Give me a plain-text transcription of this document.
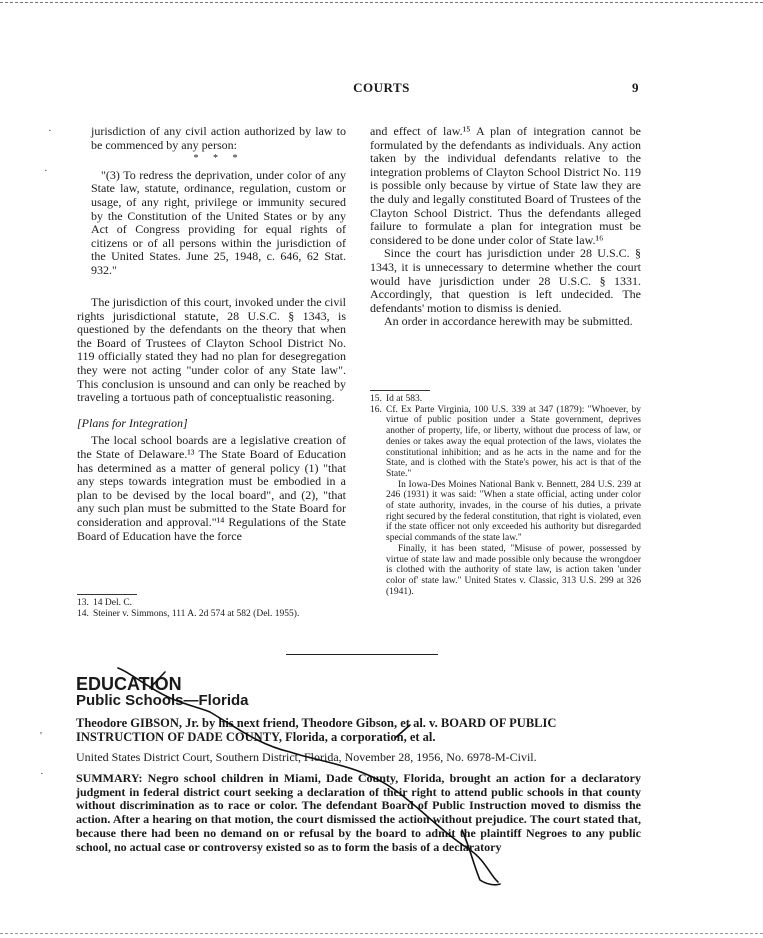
COURTS	9
·
·

jurisdiction of any civil action authorized by law to be commenced by any person:

* * *

"(3) To redress the deprivation, under color of any State law, statute, ordinance, regulation, custom or usage, of any right, privilege or immunity secured by the Constitution of the United States or by any Act of Congress providing for equal rights of citizens or of all persons within the jurisdiction of the United States. June 25, 1948, c. 646, 62 Stat. 932."

The jurisdiction of this court, invoked under the civil rights jurisdictional statute, 28 U.S.C. § 1343, is questioned by the defendants on the theory that when the Board of Trustees of Clayton School District No. 119 officially stated they had no plan for desegregation they were not acting "under color of any State law". This conclusion is unsound and can only be reached by traveling a tortuous path of conceptualistic reasoning.

[Plans for Integration]

The local school boards are a legislative creation of the State of Delaware.¹³ The State Board of Education has determined as a matter of general policy (1) "that any steps towards integration must be embodied in a plan to be devised by the local board", and (2), "that any such plan must be submitted to the State Board for consideration and approval."¹⁴ Regulations of the State Board of Education have the force

13. 14 Del. C.
14. Steiner v. Simmons, 111 A. 2d 574 at 582 (Del. 1955).

and effect of law.¹⁵ A plan of integration cannot be formulated by the defendants as individuals. Any action taken by the individual defendants relative to the integration problems of Clayton School District No. 119 is possible only because by virtue of State law they are the duly and legally constituted Board of Trustees of the Clayton School District. Thus the defendants alleged failure to formulate a plan for integration must be considered to be done under color of State law.¹⁶

Since the court has jurisdiction under 28 U.S.C. § 1343, it is unnecessary to determine whether the court would have jurisdiction under 28 U.S.C. § 1331. Accordingly, that question is left undecided. The defendants' motion to dismiss is denied.

An order in accordance herewith may be submitted.

15. Id at 583.
16. Cf. Ex Parte Virginia, 100 U.S. 339 at 347 (1879): "Whoever, by virtue of public position under a State government, deprives another of property, life, or liberty, without due process of law, or denies or takes away the equal protection of the laws, violates the constitutional inhibition; and as he acts in the name and for the State, and is clothed with the State's power, his act is that of the State."
In Iowa-Des Moines National Bank v. Bennett, 284 U.S. 239 at 246 (1931) it was said: "When a state official, acting under color of state authority, invades, in the course of his duties, a private right secured by the federal constitution, that right is violated, even if the state officer not only exceeded his authority but disregarded special commands of the state law."
Finally, it has been stated, "Misuse of power, possessed by virtue of state law and made possible only because the wrongdoer is clothed with the authority of state law, is action taken 'under color of' state law." United States v. Classic, 313 U.S. 299 at 326 (1941).
EDUCATION
Public Schools—Florida
'
·
Theodore GIBSON, Jr. by his next friend, Theodore Gibson, et al. v. BOARD OF PUBLIC INSTRUCTION OF DADE COUNTY, Florida, a corporation, et al.
United States District Court, Southern District, Florida, November 28, 1956, No. 6978-M-Civil.
SUMMARY: Negro school children in Miami, Dade County, Florida, brought an action for a declaratory judgment in federal district court seeking a declaration of their right to attend public schools in that county without discrimination as to race or color. The defendant Board of Public Instruction moved to dismiss the action. After a hearing on that motion, the court dismissed the action without prejudice. The court stated that, because there had been no demand on or refusal by the board to admit the plaintiff Negroes to any public school, no actual case or controversy existed so as to form the basis of a declaratory
